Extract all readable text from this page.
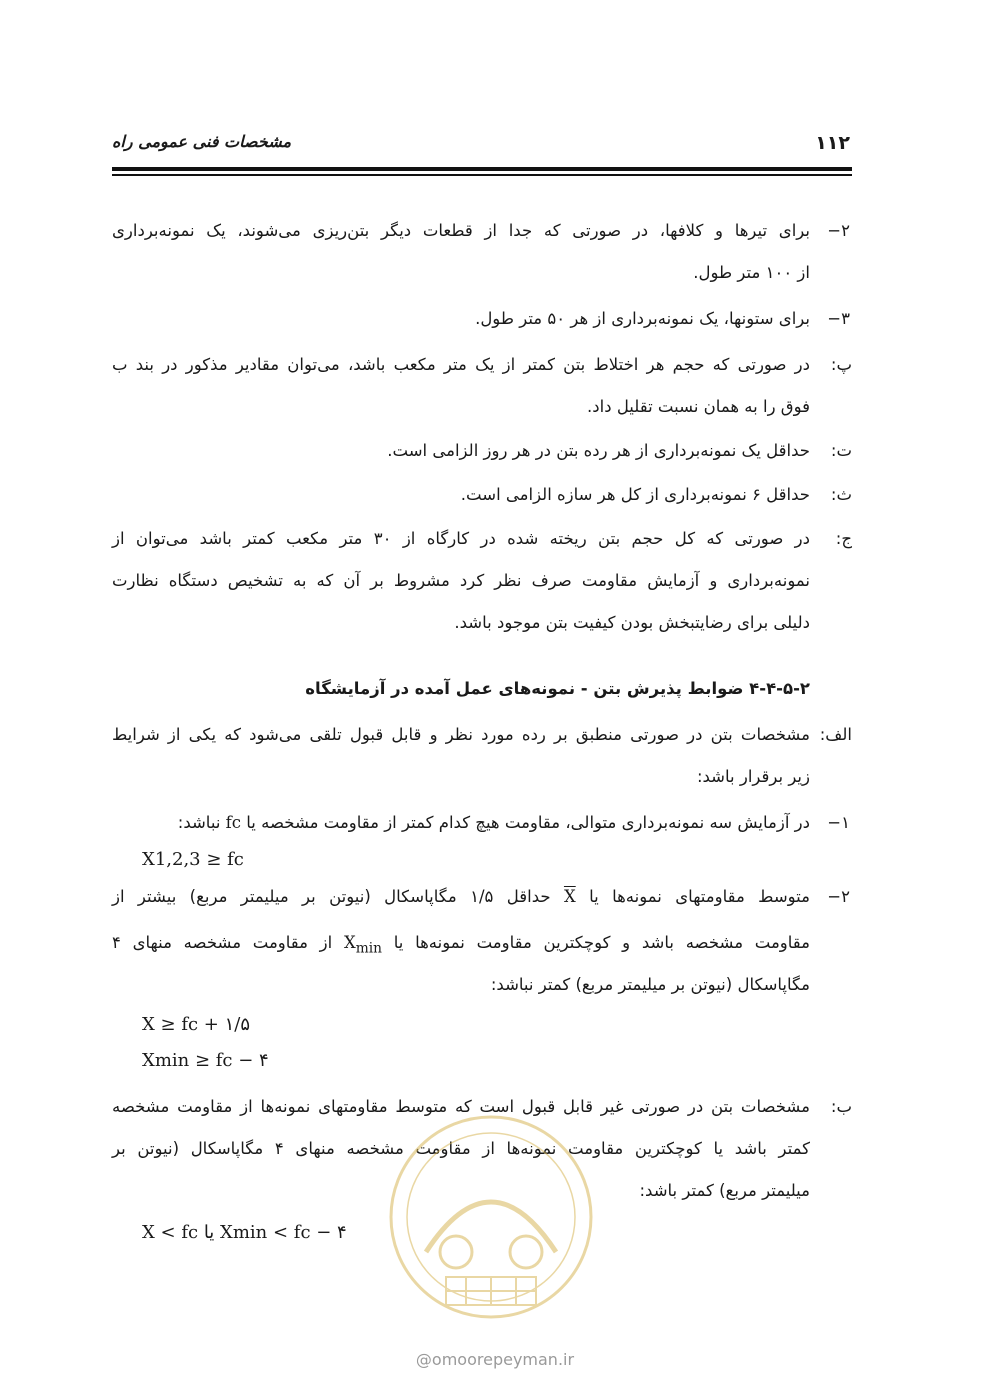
۱۱۲
مشخصات فنی عمومی راه
۲−
برای تیرها و کلافها، در صورتی که جدا از قطعات دیگر بتن‌ریزی می‌شوند، یک نمونه‌برداری
از ۱۰۰ متر طول.
۳−
برای ستونها، یک نمونه‌برداری از هر ۵۰ متر طول.
پ:
در صورتی که حجم هر اختلاط بتن کمتر از یک متر مکعب باشد، می‌توان مقادیر مذکور در بند ب
فوق را به همان نسبت تقلیل داد.
ت:
حداقل یک نمونه‌برداری از هر رده بتن در هر روز الزامی است.
ث:
حداقل ۶ نمونه‌برداری از کل هر سازه الزامی است.
ج:
در صورتی که کل حجم بتن ریخته شده در کارگاه از ۳۰ متر مکعب کمتر باشد می‌توان از
نمونه‌برداری و آزمایش مقاومت صرف نظر کرد مشروط بر آن که به تشخیص دستگاه نظارت
دلیلی برای رضایتبخش بودن کیفیت بتن موجود باشد.
۴-۴-۵-۲ ضوابط پذیرش بتن - نمونه‌های عمل آمده در آزمایشگاه
الف:
مشخصات بتن در صورتی منطبق بر رده مورد نظر و قابل قبول تلقی می‌شود که یکی از شرایط
زیر برقرار باشد:
۱−
در آزمایش سه نمونه‌برداری متوالی، مقاومت هیچ کدام کمتر از مقاومت مشخصه یا fc نباشد:
X1,2,3 ≥ fc
۲−
متوسط مقاومتهای نمونه‌ها یا $\overline{X}$ حداقل ۱/۵ مگاپاسکال (نیوتن بر میلیمتر مربع) بیشتر از
مقاومت مشخصه باشد و کوچکترین مقاومت نمونه‌ها یا $X_{min}$ از مقاومت مشخصه منهای ۴
مگاپاسکال (نیوتن بر میلیمتر مربع) کمتر نباشد:
X ≥ fc + ۱/۵
Xmin ≥ fc − ۴
ب:
مشخصات بتن در صورتی غیر قابل قبول است که متوسط مقاومتهای نمونه‌ها از مقاومت مشخصه
کمتر باشد یا کوچکترین مقاومت نمونه‌ها از مقاومت مشخصه منهای ۴ مگاپاسکال (نیوتن بر
میلیمتر مربع) کمتر باشد:
X < fc یا Xmin < fc − ۴
@omoorepeyman.ir
